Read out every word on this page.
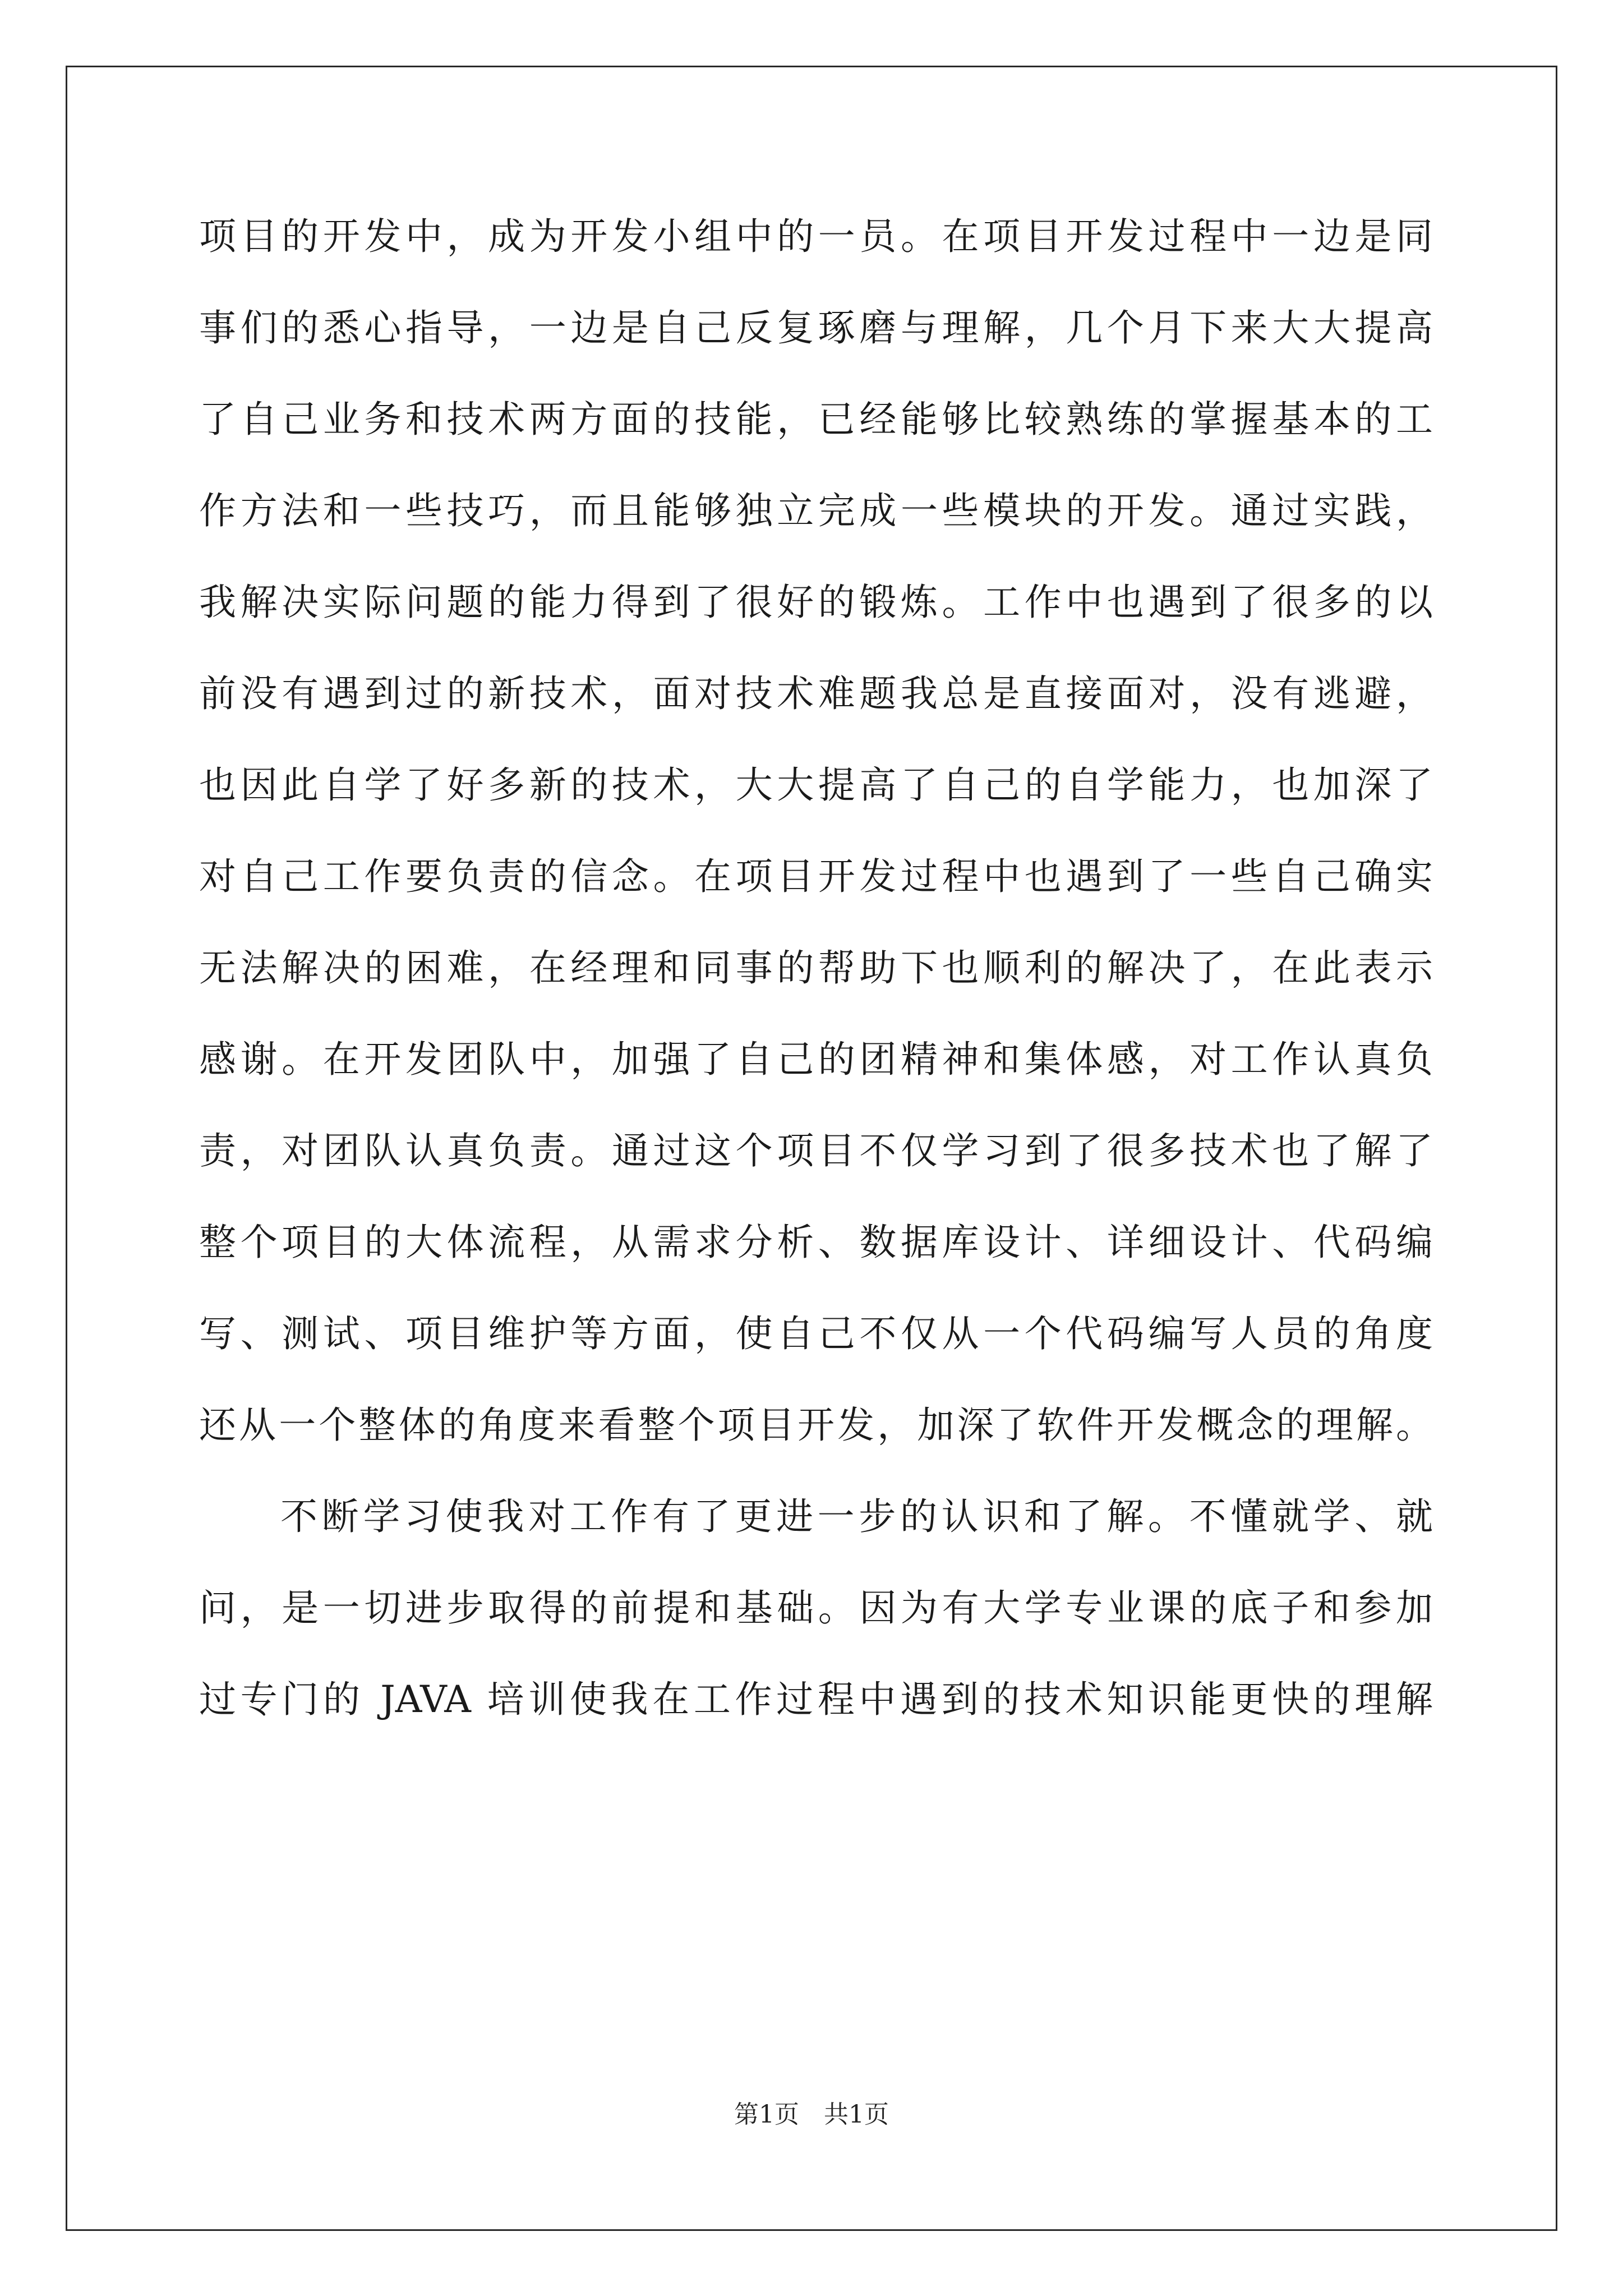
项目的开发中，成为开发小组中的一员。在项目开发过程中一边是同
事们的悉心指导，一边是自己反复琢磨与理解，几个月下来大大提高
了自己业务和技术两方面的技能，已经能够比较熟练的掌握基本的工
作方法和一些技巧，而且能够独立完成一些模块的开发。通过实践，
我解决实际问题的能力得到了很好的锻炼。工作中也遇到了很多的以
前没有遇到过的新技术，面对技术难题我总是直接面对，没有逃避，
也因此自学了好多新的技术，大大提高了自己的自学能力，也加深了
对自己工作要负责的信念。在项目开发过程中也遇到了一些自己确实
无法解决的困难，在经理和同事的帮助下也顺利的解决了，在此表示
感谢。在开发团队中，加强了自己的团精神和集体感，对工作认真负
责，对团队认真负责。通过这个项目不仅学习到了很多技术也了解了
整个项目的大体流程，从需求分析、数据库设计、详细设计、代码编
写、测试、项目维护等方面，使自己不仅从一个代码编写人员的角度
还从一个整体的角度来看整个项目开发，加深了软件开发概念的理解。
不断学习使我对工作有了更进一步的认识和了解。不懂就学、就
问，是一切进步取得的前提和基础。因为有大学专业课的底子和参加
过专门的 JAVA 培训使我在工作过程中遇到的技术知识能更快的理解
第1页　共1页
